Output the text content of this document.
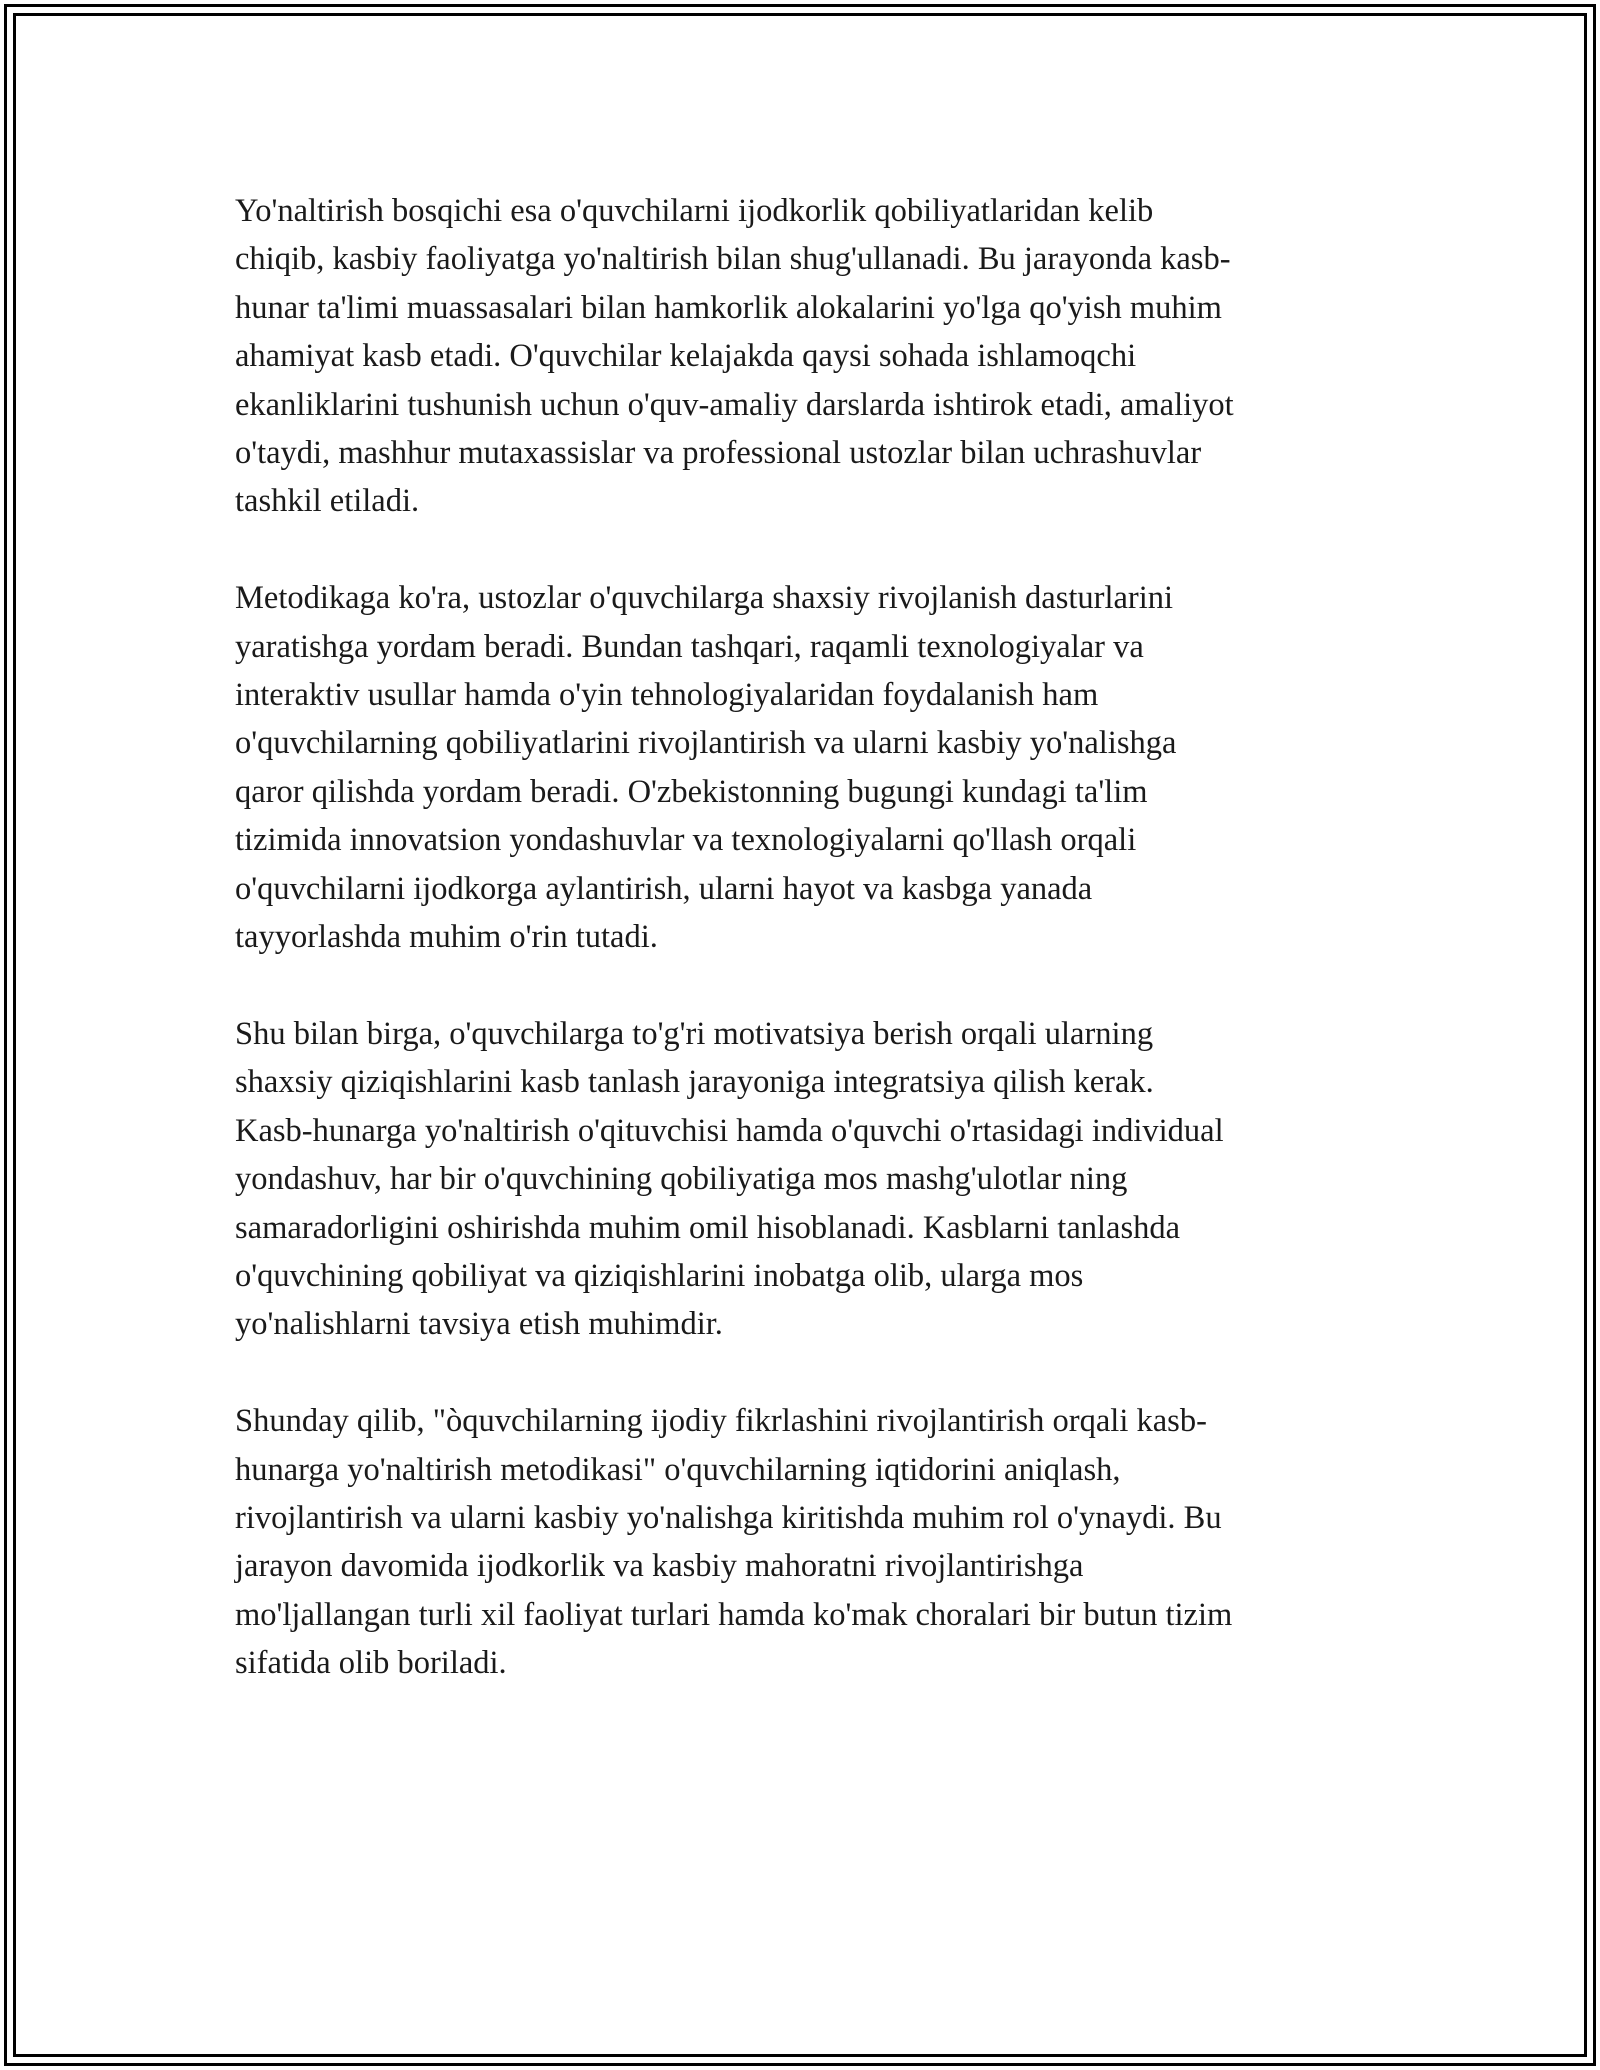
Yo'naltirish bosqichi esa o'quvchilarni ijodkorlik qobiliyatlaridan kelib
chiqib, kasbiy faoliyatga yo'naltirish bilan shug'ullanadi. Bu jarayonda kasb-
hunar ta'limi muassasalari bilan hamkorlik alokalarini yo'lga qo'yish muhim
ahamiyat kasb etadi. O'quvchilar kelajakda qaysi sohada ishlamoqchi
ekanliklarini tushunish uchun o'quv-amaliy darslarda ishtirok etadi, amaliyot
o'taydi, mashhur mutaxassislar va professional ustozlar bilan uchrashuvlar
tashkil etiladi.

Metodikaga ko'ra, ustozlar o'quvchilarga shaxsiy rivojlanish dasturlarini
yaratishga yordam beradi. Bundan tashqari, raqamli texnologiyalar va
interaktiv usullar hamda o'yin tehnologiyalaridan foydalanish ham
o'quvchilarning qobiliyatlarini rivojlantirish va ularni kasbiy yo'nalishga
qaror qilishda yordam beradi. O'zbekistonning bugungi kundagi ta'lim
tizimida innovatsion yondashuvlar va texnologiyalarni qo'llash orqali
o'quvchilarni ijodkorga aylantirish, ularni hayot va kasbga yanada
tayyorlashda muhim o'rin tutadi.

Shu bilan birga, o'quvchilarga to'g'ri motivatsiya berish orqali ularning
shaxsiy qiziqishlarini kasb tanlash jarayoniga integratsiya qilish kerak.
Kasb-hunarga yo'naltirish o'qituvchisi hamda o'quvchi o'rtasidagi individual
yondashuv, har bir o'quvchining qobiliyatiga mos mashg'ulotlar ning
samaradorligini oshirishda muhim omil hisoblanadi. Kasblarni tanlashda
o'quvchining qobiliyat va qiziqishlarini inobatga olib, ularga mos
yo'nalishlarni tavsiya etish muhimdir.

Shunday qilib, "òquvchilarning ijodiy fikrlashini rivojlantirish orqali kasb-
hunarga yo'naltirish metodikasi" o'quvchilarning iqtidorini aniqlash,
rivojlantirish va ularni kasbiy yo'nalishga kiritishda muhim rol o'ynaydi. Bu
jarayon davomida ijodkorlik va kasbiy mahoratni rivojlantirishga
mo'ljallangan turli xil faoliyat turlari hamda ko'mak choralari bir butun tizim
sifatida olib boriladi.
